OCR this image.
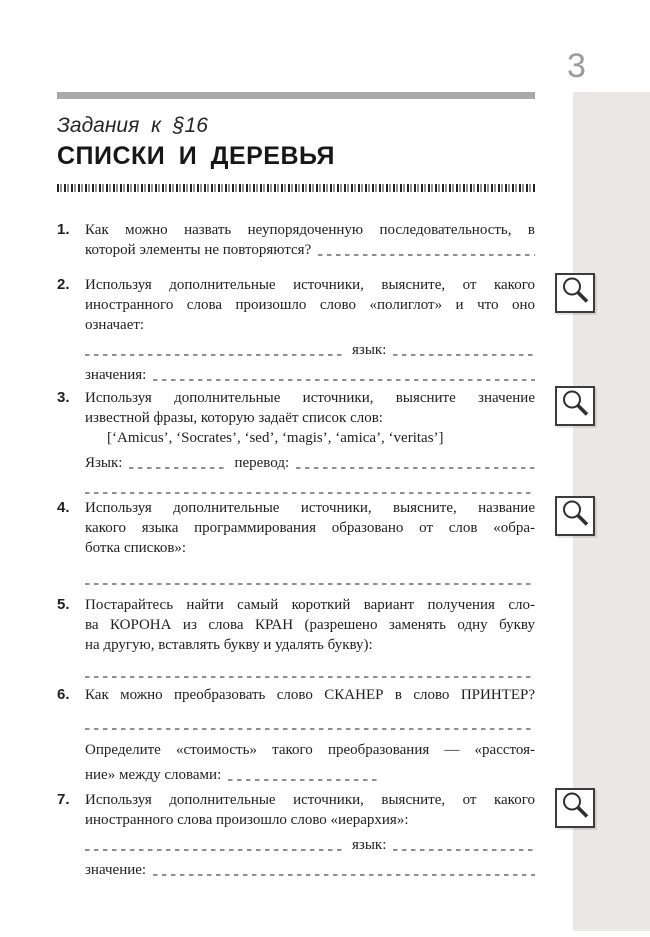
3
Задания к §16
СПИСКИ И ДЕРЕВЬЯ
1.	Как можно назвать неупорядоченную последовательность, в
которой элементы не повторяются?
2.	Используя дополнительные источники, выясните, от какого
иностранного слова произошло слово «полиглот» и что оно
означает:
язык:
значения:
3.	Используя дополнительные источники, выясните значение
известной фразы, которую задаёт список слов:
[‘Amicus’, ‘Socrates’, ‘sed’, ‘magis’, ‘amica’, ‘veritas’]
Язык:	перевод:
4.	Используя дополнительные источники, выясните, название
какого языка программирования образовано от слов «обра-
ботка списков»:
5.	Постарайтесь найти самый короткий вариант получения сло-
ва КОРОНА из слова КРАН (разрешено заменять одну букву
на другую, вставлять букву и удалять букву):
6.	Как можно преобразовать слово СКАНЕР в слово ПРИНТЕР?
Определите «стоимость» такого преобразования — «расстоя-
ние» между словами:
7.	Используя дополнительные источники, выясните, от какого
иностранного слова произошло слово «иерархия»:
язык:
значение:
